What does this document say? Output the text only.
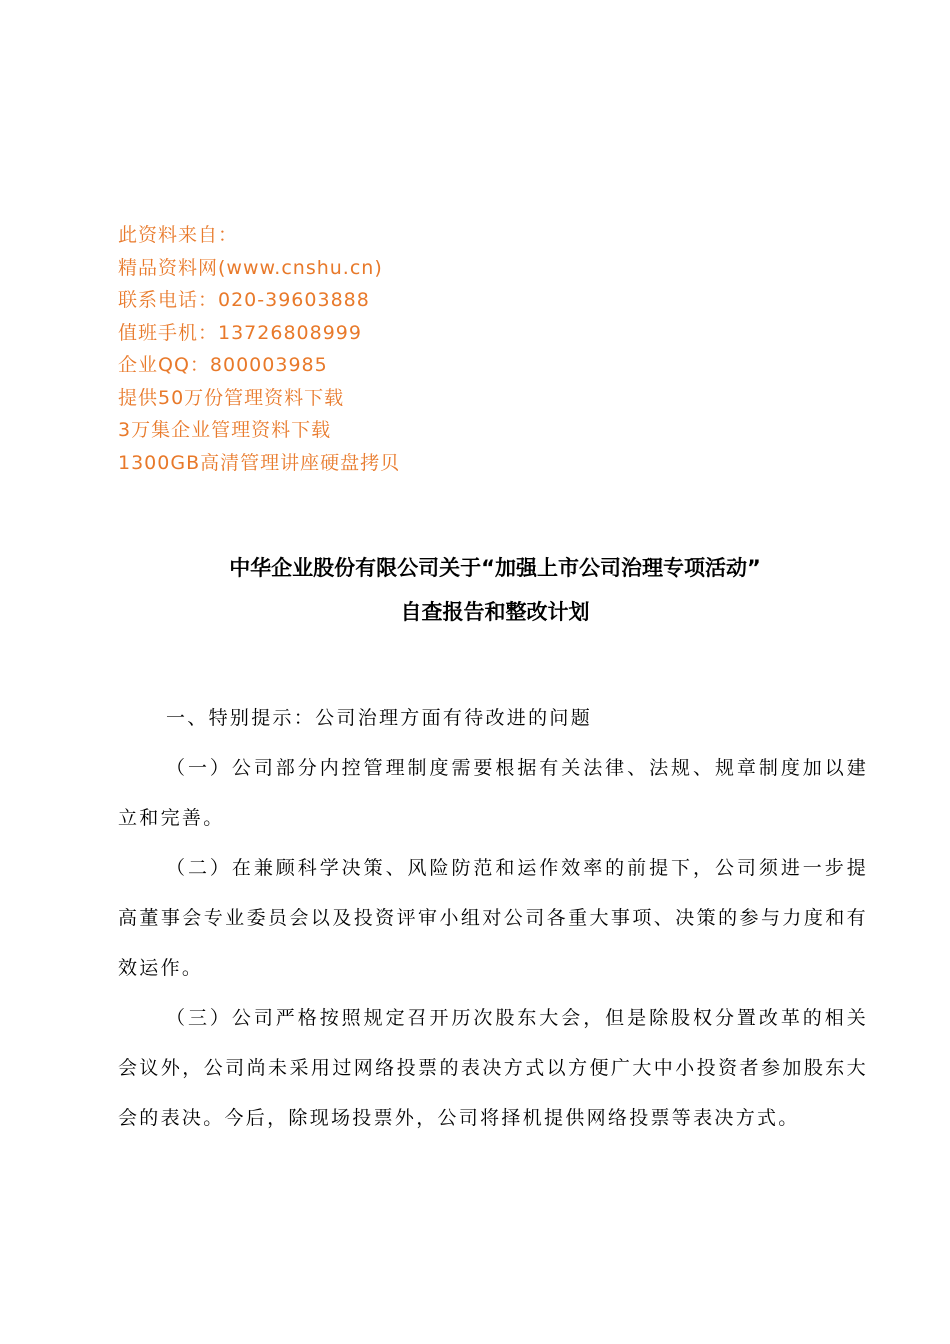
此资料来自：
精品资料网(www.cnshu.cn)
联系电话：020-39603888
值班手机：13726808999
企业QQ：800003985
提供50万份管理资料下载
3万集企业管理资料下载
1300GB高清管理讲座硬盘拷贝
中华企业股份有限公司关于“加强上市公司治理专项活动”
自查报告和整改计划

一、特别提示：公司治理方面有待改进的问题

（一）公司部分内控管理制度需要根据有关法律、法规、规章制度加以建立和完善。

（二）在兼顾科学决策、风险防范和运作效率的前提下，公司须进一步提高董事会专业委员会以及投资评审小组对公司各重大事项、决策的参与力度和有效运作。

（三）公司严格按照规定召开历次股东大会，但是除股权分置改革的相关会议外，公司尚未采用过网络投票的表决方式以方便广大中小投资者参加股东大会的表决。今后，除现场投票外，公司将择机提供网络投票等表决方式。
